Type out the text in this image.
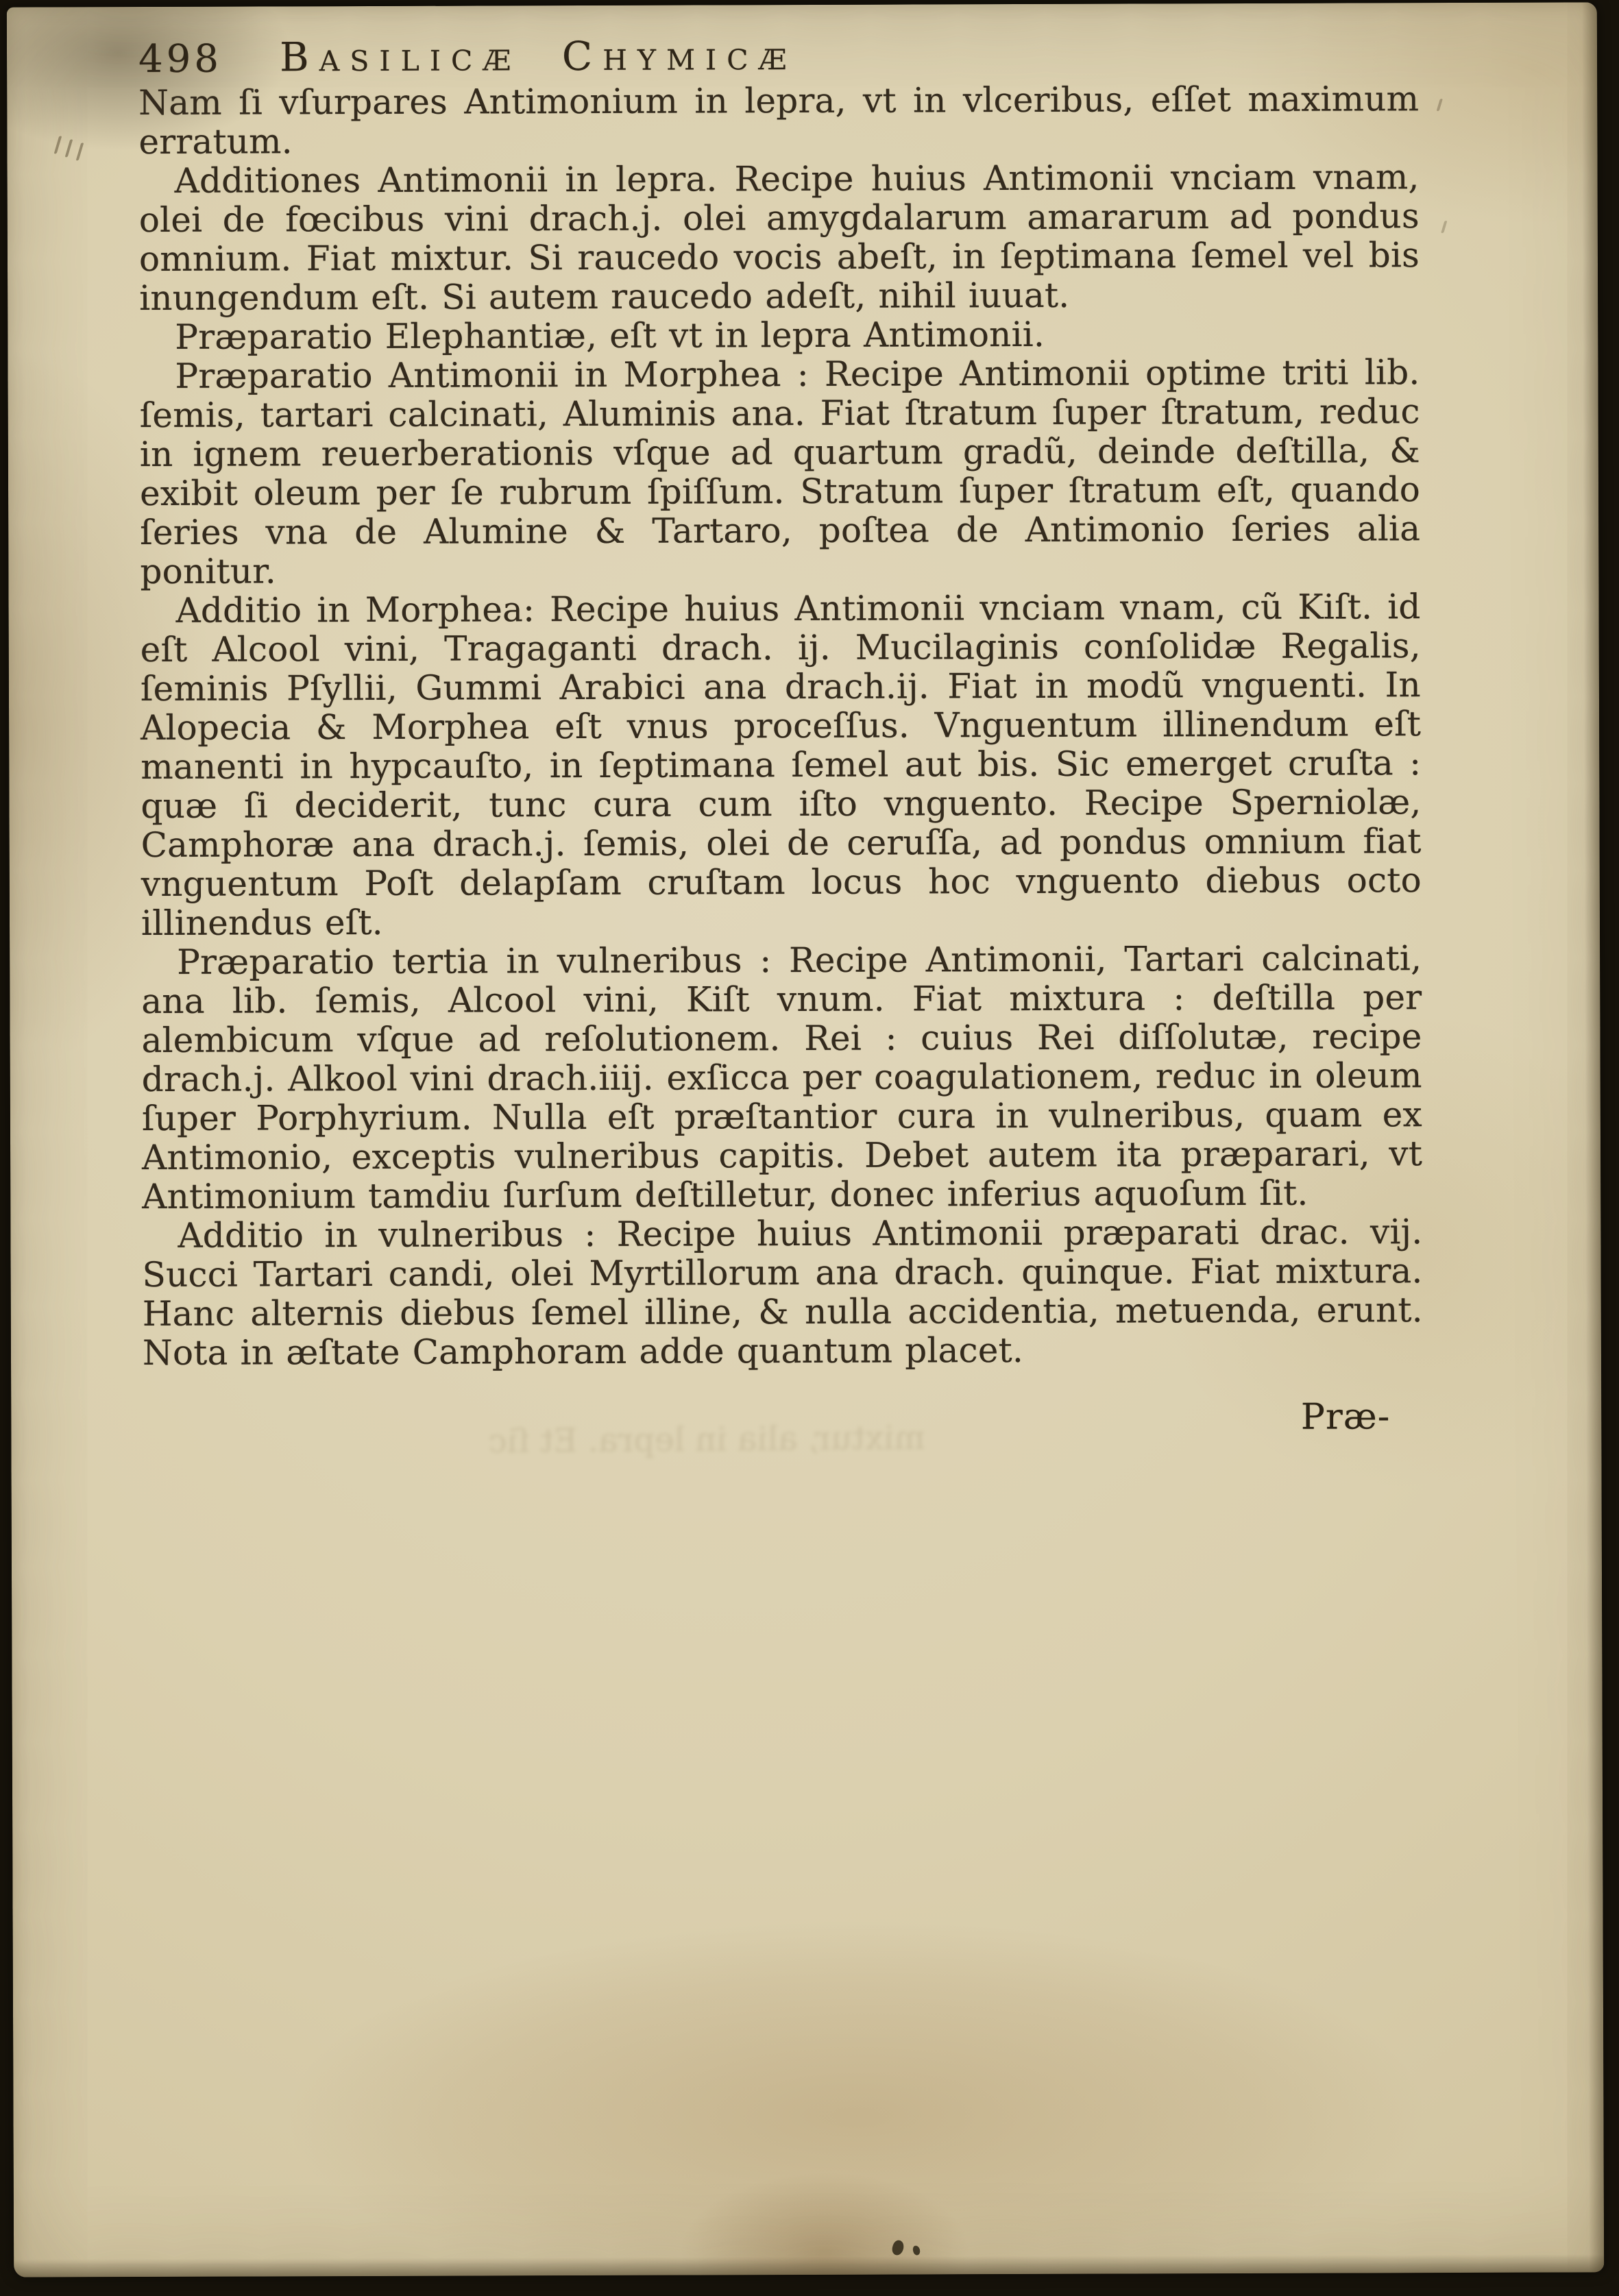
498 Basilicæ Chymicæ

Nam ſi vſurpares Antimonium in lepra, vt in vlceribus, eſſet maximum erratum.

Additiones Antimonii in lepra. Recipe huius Antimonii vnciam vnam, olei de fœcibus vini drach.j. olei amygdalarum amararum ad pondus omnium. Fiat mixtur. Si raucedo vocis abeſt, in ſeptimana ſemel vel bis inungendum eſt. Si autem raucedo adeſt, nihil iuuat.

Præparatio Elephantiæ, eſt vt in lepra Antimonii.

Præparatio Antimonii in Morphea : Recipe Antimonii optime triti lib. ſemis, tartari calcinati, Aluminis ana. Fiat ſtratum ſuper ſtratum, reduc in ignem reuerberationis vſque ad quartum gradũ, deinde deſtilla, & exibit oleum per ſe rubrum ſpiſſum. Stratum ſuper ſtratum eſt, quando ſeries vna de Alumine & Tartaro, poſtea de Antimonio ſeries alia ponitur.

Additio in Morphea: Recipe huius Antimonii vnciam vnam, cũ Kiſt. id eſt Alcool vini, Tragaganti drach. ij. Mucilaginis conſolidæ Regalis, ſeminis Pſyllii, Gummi Arabici ana drach.ij. Fiat in modũ vnguenti. In Alopecia & Morphea eſt vnus proceſſus. Vnguentum illinendum eſt manenti in hypcauſto, in ſeptimana ſemel aut bis. Sic emerget cruſta : quæ ſi deciderit, tunc cura cum iſto vnguento. Recipe Sperniolæ, Camphoræ ana drach.j. ſemis, olei de ceruſſa, ad pondus omnium fiat vnguentum Poſt delapſam cruſtam locus hoc vnguento diebus octo illinendus eſt.

Præparatio tertia in vulneribus : Recipe Antimonii, Tartari calcinati, ana lib. ſemis, Alcool vini, Kiſt vnum. Fiat mixtura : deſtilla per alembicum vſque ad reſolutionem. Rei : cuius Rei diſſolutæ, recipe drach.j. Alkool vini drach.iiij. exſicca per coagulationem, reduc in oleum ſuper Porphyrium. Nulla eſt præſtantior cura in vulneribus, quam ex Antimonio, exceptis vulneribus capitis. Debet autem ita præparari, vt Antimonium tamdiu ſurſum deſtilletur, donec inferius aquoſum ſit.

Additio in vulneribus : Recipe huius Antimonii præparati drac. vij. Succi Tartari candi, olei Myrtillorum ana drach. quinque. Fiat mixtura. Hanc alternis diebus ſemel illine, & nulla accidentia, metuenda, erunt. Nota in æſtate Camphoram adde quantum placet.

Præ-
mixtur, alia in lepra. Et ſic
